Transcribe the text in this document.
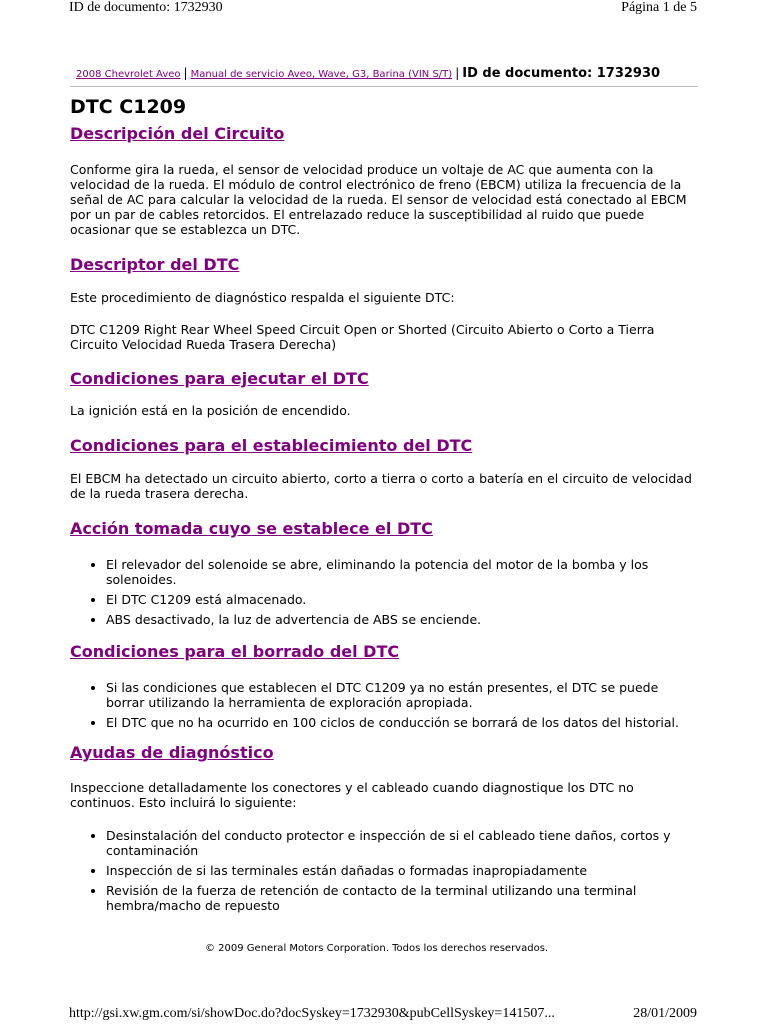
ID de documento: 1732930	Página 1 de 5
2008 Chevrolet Aveo | Manual de servicio Aveo, Wave, G3, Barina (VIN S/T) | ID de documento: 1732930
DTC C1209
Descripción del Circuito

Conforme gira la rueda, el sensor de velocidad produce un voltaje de AC que aumenta con la velocidad de la rueda. El módulo de control electrónico de freno (EBCM) utiliza la frecuencia de la señal de AC para calcular la velocidad de la rueda. El sensor de velocidad está conectado al EBCM por un par de cables retorcidos. El entrelazado reduce la susceptibilidad al ruido que puede ocasionar que se establezca un DTC.

Descriptor del DTC

Este procedimiento de diagnóstico respalda el siguiente DTC:

DTC C1209 Right Rear Wheel Speed Circuit Open or Shorted (Circuito Abierto o Corto a Tierra Circuito Velocidad Rueda Trasera Derecha)

Condiciones para ejecutar el DTC

La ignición está en la posición de encendido.

Condiciones para el establecimiento del DTC

El EBCM ha detectado un circuito abierto, corto a tierra o corto a batería en el circuito de velocidad de la rueda trasera derecha.

Acción tomada cuyo se establece el DTC
• El relevador del solenoide se abre, eliminando la potencia del motor de la bomba y los solenoides.
• El DTC C1209 está almacenado.
• ABS desactivado, la luz de advertencia de ABS se enciende.
Condiciones para el borrado del DTC
• Si las condiciones que establecen el DTC C1209 ya no están presentes, el DTC se puede borrar utilizando la herramienta de exploración apropiada.
• El DTC que no ha ocurrido en 100 ciclos de conducción se borrará de los datos del historial.
Ayudas de diagnóstico

Inspeccione detalladamente los conectores y el cableado cuando diagnostique los DTC no continuos. Esto incluirá lo siguiente:

• Desinstalación del conducto protector e inspección de si el cableado tiene daños, cortos y contaminación
• Inspección de si las terminales están dañadas o formadas inapropiadamente
• Revisión de la fuerza de retención de contacto de la terminal utilizando una terminal hembra/macho de repuesto
© 2009 General Motors Corporation. Todos los derechos reservados.
http://gsi.xw.gm.com/si/showDoc.do?docSyskey=1732930&pubCellSyskey=141507...	28/01/2009
